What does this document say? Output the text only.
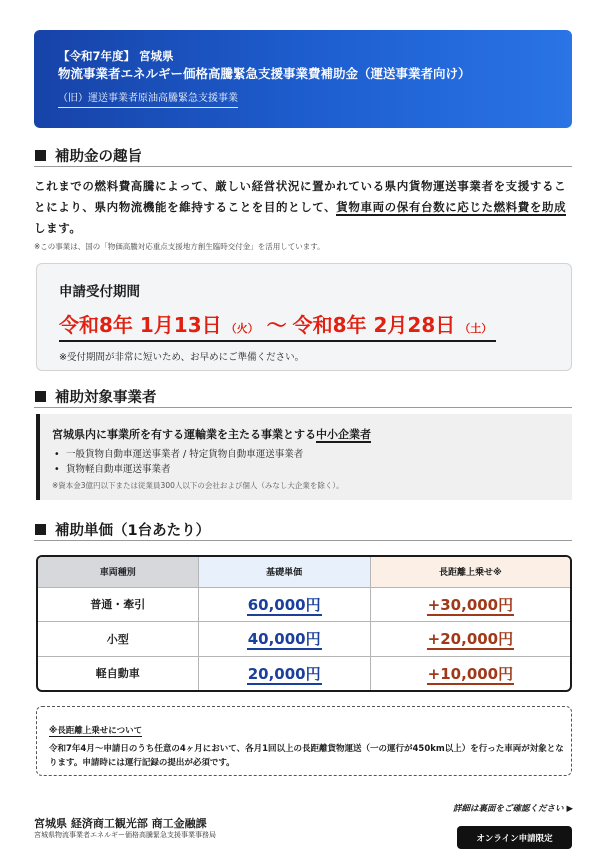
【令和7年度】 宮城県
物流事業者エネルギー価格高騰緊急支援事業費補助金（運送事業者向け）
（旧）運送事業者原油高騰緊急支援事業
補助金の趣旨
これまでの燃料費高騰によって、厳しい経営状況に置かれている県内貨物運送事業者を支援することにより、県内物流機能を維持することを目的として、貨物車両の保有台数に応じた燃料費を助成します。
※この事業は、国の「物価高騰対応重点支援地方創生臨時交付金」を活用しています。
申請受付期間
令和8年 1月13日 （火） 〜 令和8年 2月28日 （土）
※受付期間が非常に短いため、お早めにご準備ください。
補助対象事業者
宮城県内に事業所を有する運輸業を主たる事業とする中小企業者
• 一般貨物自動車運送事業者 / 特定貨物自動車運送事業者
• 貨物軽自動車運送事業者
※資本金3億円以下または従業員300人以下の会社および個人（みなし大企業を除く）。
補助単価（1台あたり）
車両種別	基礎単価	長距離上乗せ※
普通・牽引	60,000円	+30,000円
小型	40,000円	+20,000円
軽自動車	20,000円	+10,000円
※長距離上乗せについて
令和7年4月〜申請日のうち任意の4ヶ月において、各月1回以上の長距離貨物運送（一の運行が450km以上）を行った車両が対象となります。申請時には運行記録の提出が必須です。
宮城県 経済商工観光部 商工金融課
宮城県物流事業者エネルギー価格高騰緊急支援事業事務局
詳細は裏面をご確認ください ▶
オンライン申請限定
